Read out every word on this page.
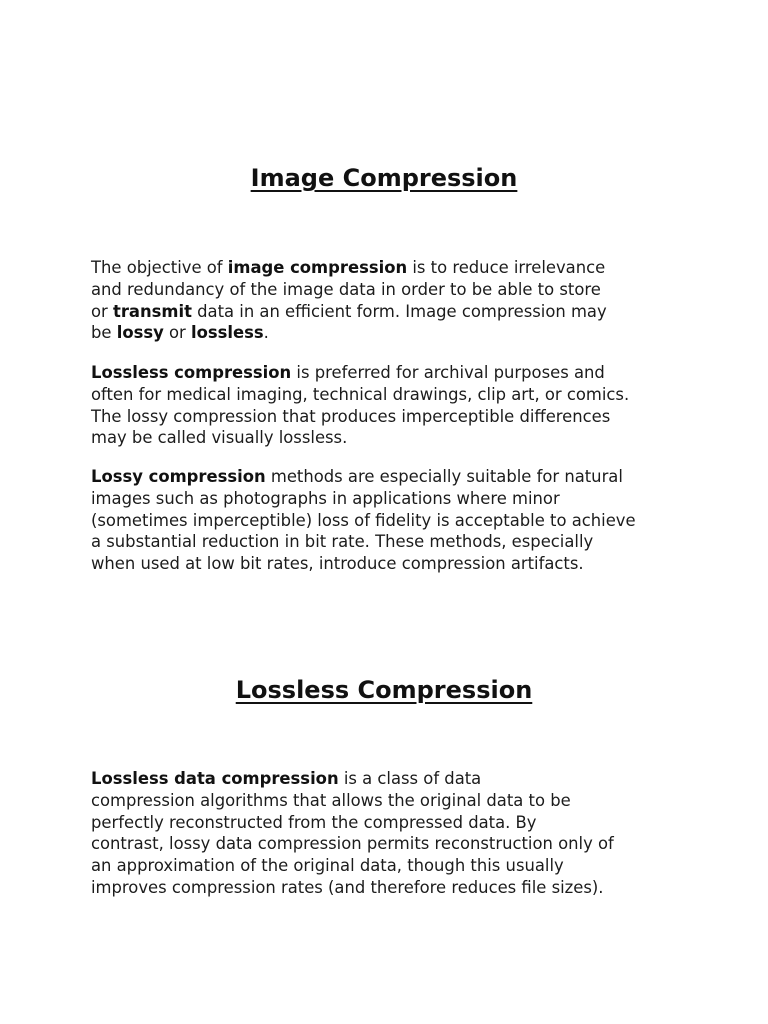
Image Compression

The objective of image compression is to reduce irrelevance
and redundancy of the image data in order to be able to store
or transmit data in an efficient form. Image compression may
be lossy or lossless.

Lossless compression is preferred for archival purposes and
often for medical imaging, technical drawings, clip art, or comics.
The lossy compression that produces imperceptible differences
may be called visually lossless.

Lossy compression methods are especially suitable for natural
images such as photographs in applications where minor
(sometimes imperceptible) loss of fidelity is acceptable to achieve
a substantial reduction in bit rate. These methods, especially
when used at low bit rates, introduce compression artifacts.

Lossless Compression

Lossless data compression is a class of data
compression algorithms that allows the original data to be
perfectly reconstructed from the compressed data. By
contrast, lossy data compression permits reconstruction only of
an approximation of the original data, though this usually
improves compression rates (and therefore reduces file sizes).
